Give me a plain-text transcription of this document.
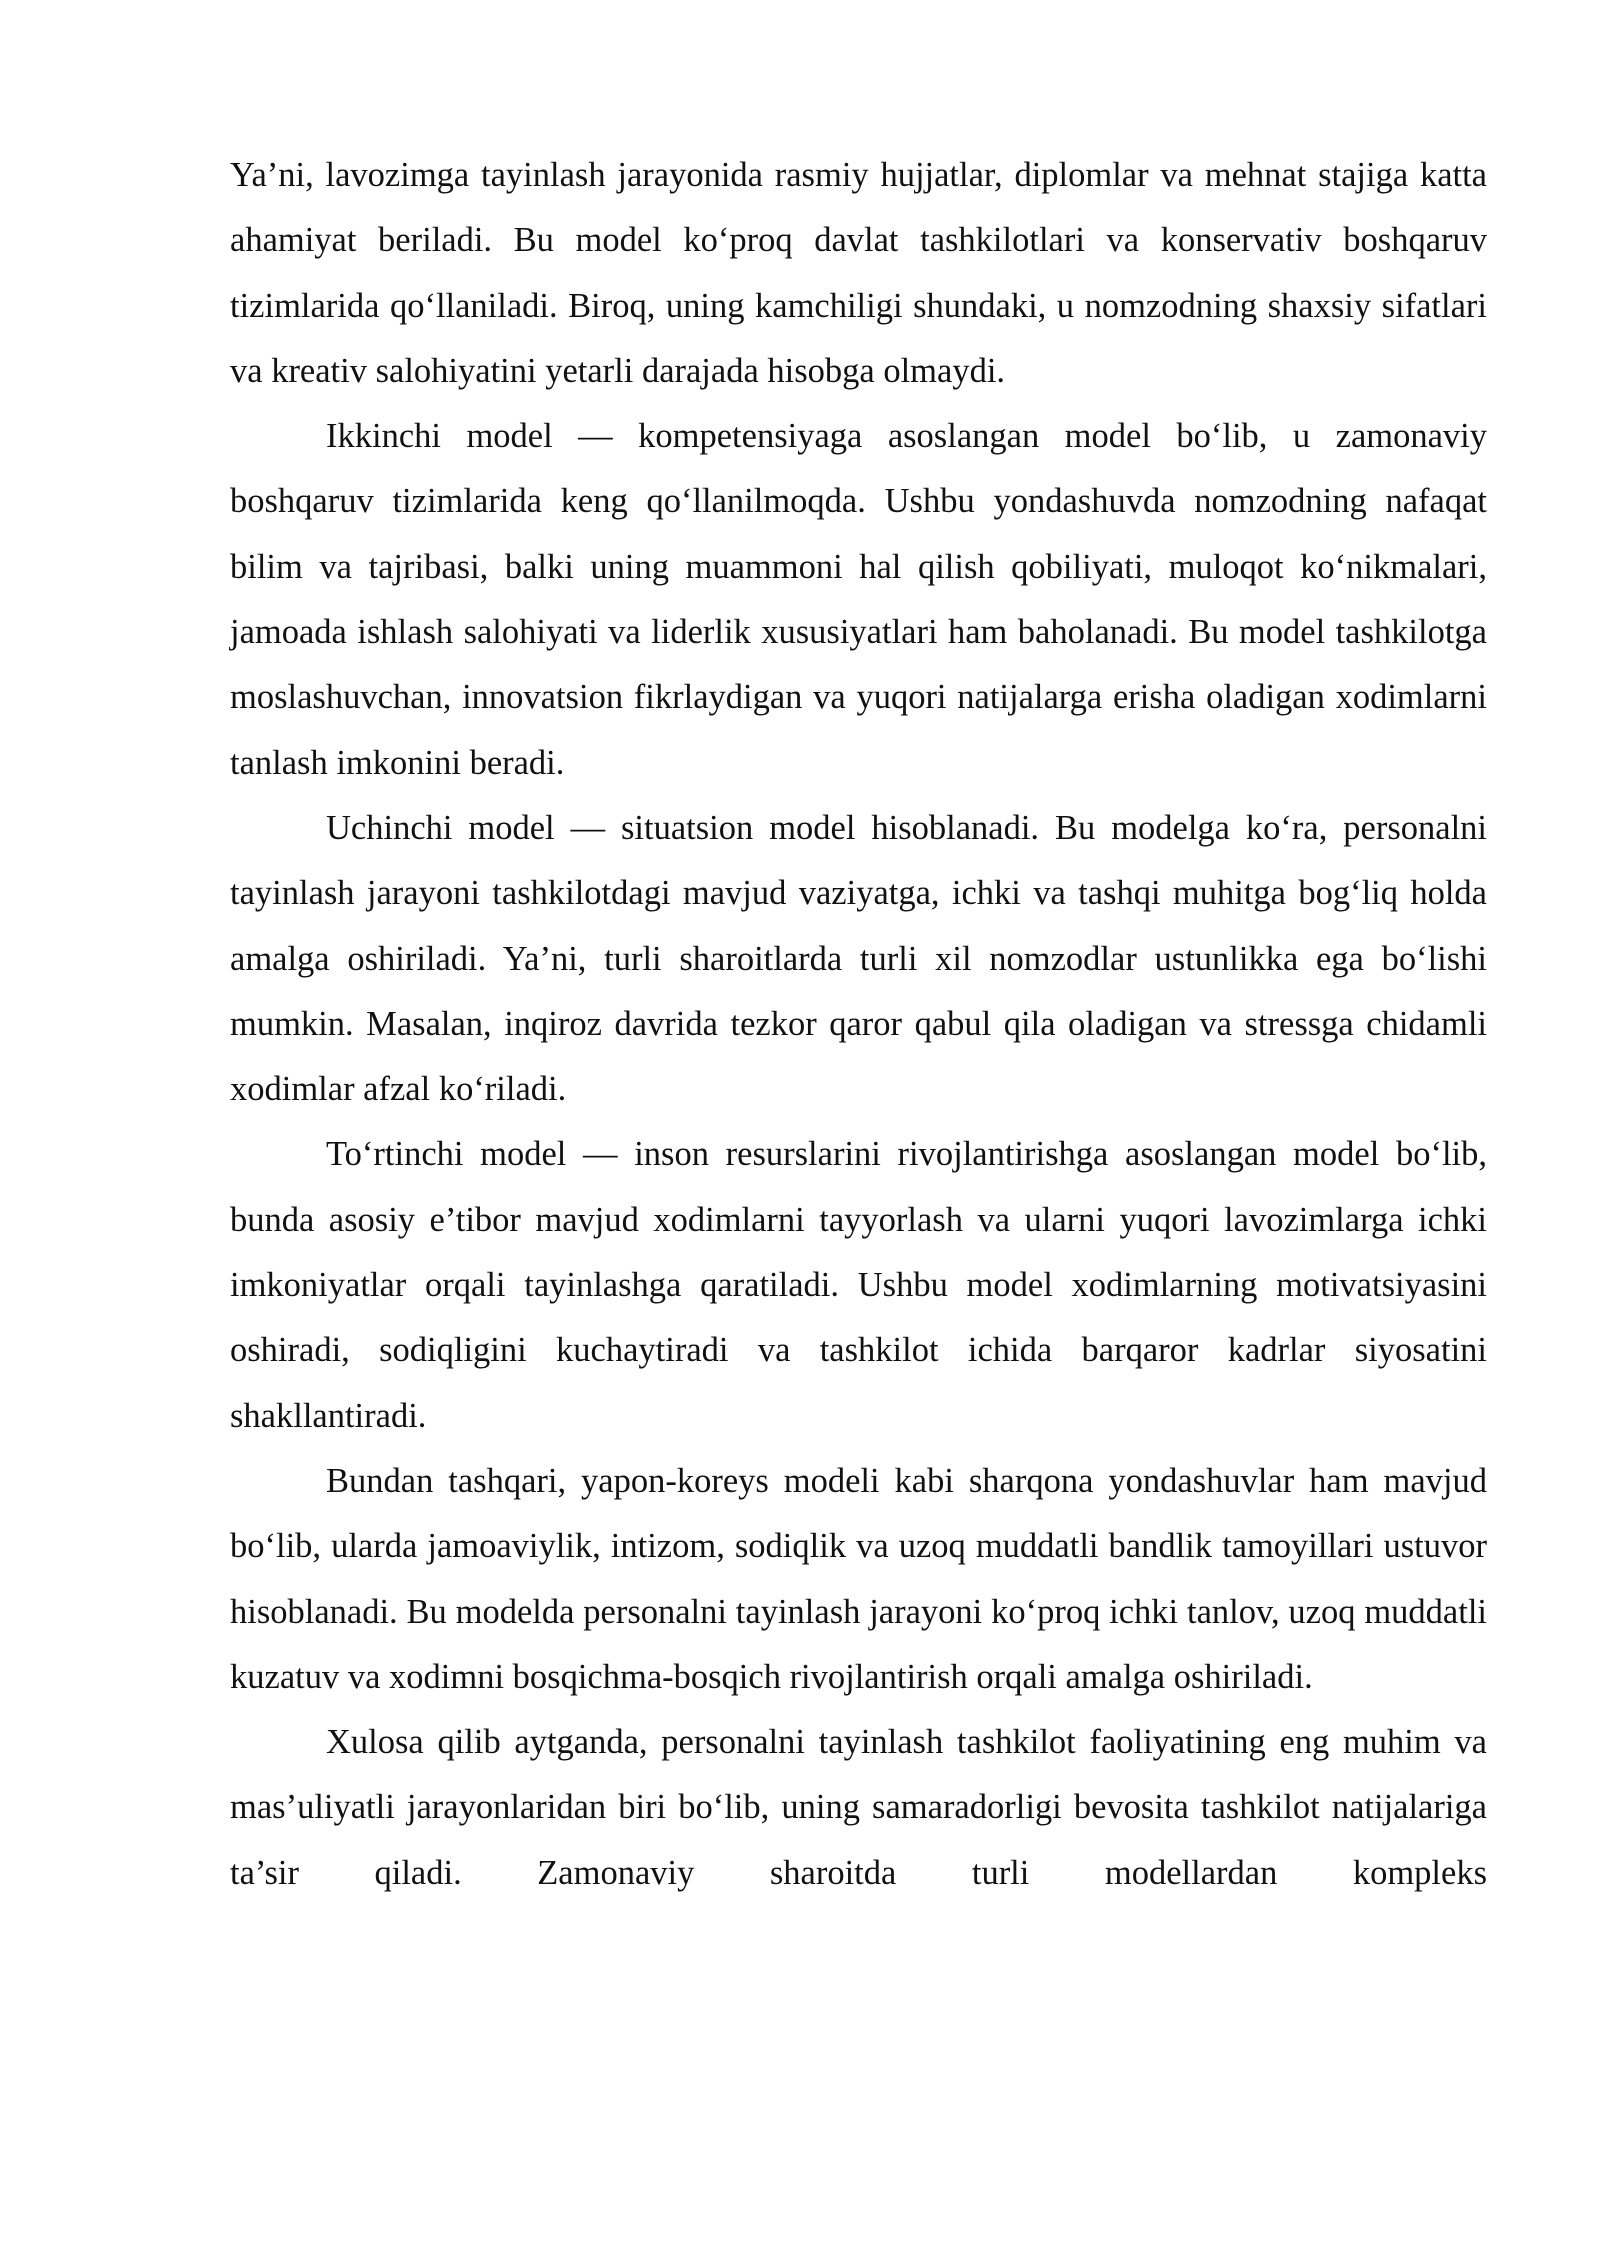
Ya’ni, lavozimga tayinlash jarayonida rasmiy hujjatlar, diplomlar va mehnat stajiga katta ahamiyat beriladi. Bu model ko‘proq davlat tashkilotlari va konservativ boshqaruv tizimlarida qo‘llaniladi. Biroq, uning kamchiligi shundaki, u nomzodning shaxsiy sifatlari va kreativ salohiyatini yetarli darajada hisobga olmaydi.

Ikkinchi model — kompetensiyaga asoslangan model bo‘lib, u zamonaviy boshqaruv tizimlarida keng qo‘llanilmoqda. Ushbu yondashuvda nomzodning nafaqat bilim va tajribasi, balki uning muammoni hal qilish qobiliyati, muloqot ko‘nikmalari, jamoada ishlash salohiyati va liderlik xususiyatlari ham baholanadi. Bu model tashkilotga moslashuvchan, innovatsion fikrlaydigan va yuqori natijalarga erisha oladigan xodimlarni tanlash imkonini beradi.

Uchinchi model — situatsion model hisoblanadi. Bu modelga ko‘ra, personalni tayinlash jarayoni tashkilotdagi mavjud vaziyatga, ichki va tashqi muhitga bog‘liq holda amalga oshiriladi. Ya’ni, turli sharoitlarda turli xil nomzodlar ustunlikka ega bo‘lishi mumkin. Masalan, inqiroz davrida tezkor qaror qabul qila oladigan va stressga chidamli xodimlar afzal ko‘riladi.

To‘rtinchi model — inson resurslarini rivojlantirishga asoslangan model bo‘lib, bunda asosiy e’tibor mavjud xodimlarni tayyorlash va ularni yuqori lavozimlarga ichki imkoniyatlar orqali tayinlashga qaratiladi. Ushbu model xodimlarning motivatsiyasini oshiradi, sodiqligini kuchaytiradi va tashkilot ichida barqaror kadrlar siyosatini shakllantiradi.

Bundan tashqari, yapon-koreys modeli kabi sharqona yondashuvlar ham mavjud bo‘lib, ularda jamoaviylik, intizom, sodiqlik va uzoq muddatli bandlik tamoyillari ustuvor hisoblanadi. Bu modelda personalni tayinlash jarayoni ko‘proq ichki tanlov, uzoq muddatli kuzatuv va xodimni bosqichma-bosqich rivojlantirish orqali amalga oshiriladi.

Xulosa qilib aytganda, personalni tayinlash tashkilot faoliyatining eng muhim va mas’uliyatli jarayonlaridan biri bo‘lib, uning samaradorligi bevosita tashkilot natijalariga ta’sir qiladi. Zamonaviy sharoitda turli modellardan kompleks
